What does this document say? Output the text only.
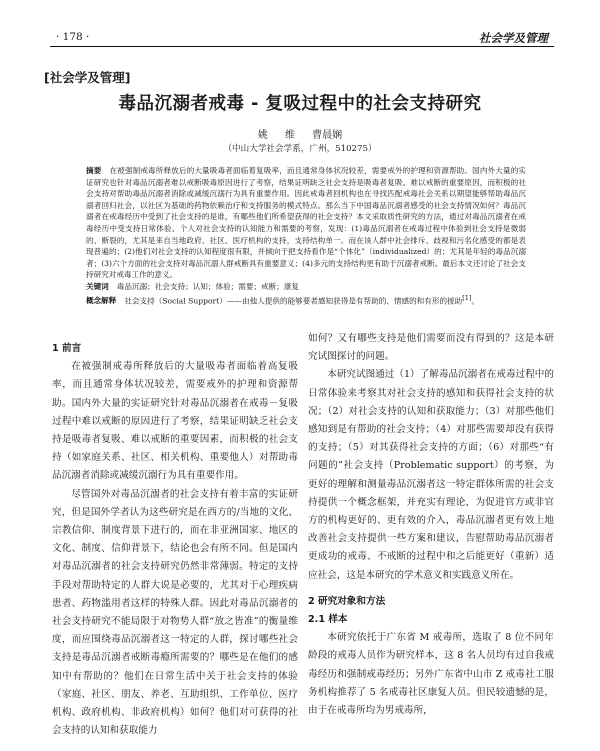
· 178 ·	社会学及管理
[社会学及管理]
毒品沉溺者戒毒 - 复吸过程中的社会支持研究
姚 维 曹晨娴
（中山大学社会学系，广州，510275）

摘要 在被强制戒毒所释放后的大量吸毒者面临着复吸率，而且通常身体状况较差，需要戒外的护理和资源帮助。国内外大量的实证研究也针对毒品沉溺者难以戒断吸毒原因进行了考察，结果证明缺乏社会支持是吸毒者复吸、难以戒断的重要原因，而积极的社会支持对帮助毒品沉溺者消除或减缓沉溺行为具有重要作用。因此戒毒者回机构也在寻找匹配戒毒社会关系以期望能够帮助毒品沉溺者回归社会，以社区为基础的药物依赖治疗和支持服务的模式特点。那么当下中国毒品沉溺者感受的社会支持情况如何？毒品沉溺者在戒毒经历中受到了社会支持的是谁，有哪些他们所希望获得的社会支持？本文采取质性研究的方法，通过对毒品沉溺者在戒毒经历中受支持日常体验、个人对社会支持的认知能力和需要的考察，发现：(1)毒品沉溺者在戒毒过程中体验到社会支持是微弱的、断裂的，尤其是来自当地政府、社区、医疗机构的支持，支持结构单一。而在该人群中社会排斥、歧视和污名化感受的都是表现普遍的；(2)他们对社会支持的认知程度很有限，并倾向于把支持看作是“个体化”（individualized）的；尤其是年轻的毒品沉溺者；(3)六个方面的社会支持对毒品沉溺人群戒断具有重要意义；(4)多元的支持结构更有助于沉溺者戒断。最后本文还讨论了社会支持研究对戒毒工作的意义。

关键词 毒品沉溺；社会支持；认知；体验；需要；戒断；康复

概念解释 社会支持（Social Support）——由他人提供的能够要者感知获得是有帮助的、情感的和有形的援助[1]。

1 前言

在被强制戒毒所释放后的大量吸毒者面临着高复吸率，而且通常身体状况较差，需要戒外的护理和资源帮助。国内外大量的实证研究针对毒品沉溺者在戒毒－复吸过程中难以戒断的原因进行了考察，结果证明缺乏社会支持是吸毒者复吸、难以戒断的重要因素，而积极的社会支持（如家庭关系、社区、相关机构、重要他人）对帮助毒品沉溺者消除或减缓沉溺行为具有重要作用。

尽管国外对毒品沉溺者的社会支持有着丰富的实证研究，但是国外学者认为这些研究是在西方的/当地的文化、宗教信仰、制度背景下进行的，而在非亚洲国家、地区的文化、制度、信仰背景下，结论也会有所不同。但是国内对毒品沉溺者的社会支持研究仍然非常薄弱。特定的支持手段对帮助特定的人群大说是必要的，尤其对于心理疾病患者、药物滥用者这样的特殊人群。因此对毒品沉溺者的社会支持研究不能局限于对物势人群“放之皆准”的衡量维度，而应围绕毒品沉溺者这一特定的人群，探讨哪些社会支持是毒品沉溺者戒断毒瘾所需要的？哪些是在他们的感知中有帮助的？他们在日常生活中关于社会支持的体验（家庭、社区、朋友、养老、互助组织、工作单位、医疗机构、政府机构、非政府机构）如何？他们对可获得的社会支持的认知和获取能力

如何？又有哪些支持是他们需要而没有得到的？这是本研究试图探讨的问题。

本研究试图通过（1）了解毒品沉溺者在戒毒过程中的日常体验来考察其对社会支持的感知和获得社会支持的状况；（2）对社会支持的认知和获取能力；（3）对那些他们感知到是有帮助的社会支持；（4）对那些需要却没有获得的支持；（5）对其获得社会支持的方面；（6）对那些“有问题的”社会支持（Problematic support）的考察，为更好的理解和测量毒品沉溺者这一特定群体所需的社会支持提供一个概念框架，并充实有理论，为促进官方或非官方的机构更好的、更有效的介入，毒品沉溺者更有效上地改善社会支持提供一些方案和建议，告慰帮助毒品沉溺者更成功的戒毒、不戒断的过程中和之后能更好（重新）适应社会，这是本研究的学术意义和实践意义所在。

2 研究对象和方法

2.1 样本

本研究依托于广东省 M 戒毒所，选取了 8 位不同年龄段的戒毒人员作为研究样本，这 8 名人员均有过自我戒毒经历和强制戒毒经历；另外广东省中山市 Z 戒毒社工服务机构推荐了 5 名戒毒社区康复人员。但民较遗憾的是，由于在戒毒所均为男戒毒所，
